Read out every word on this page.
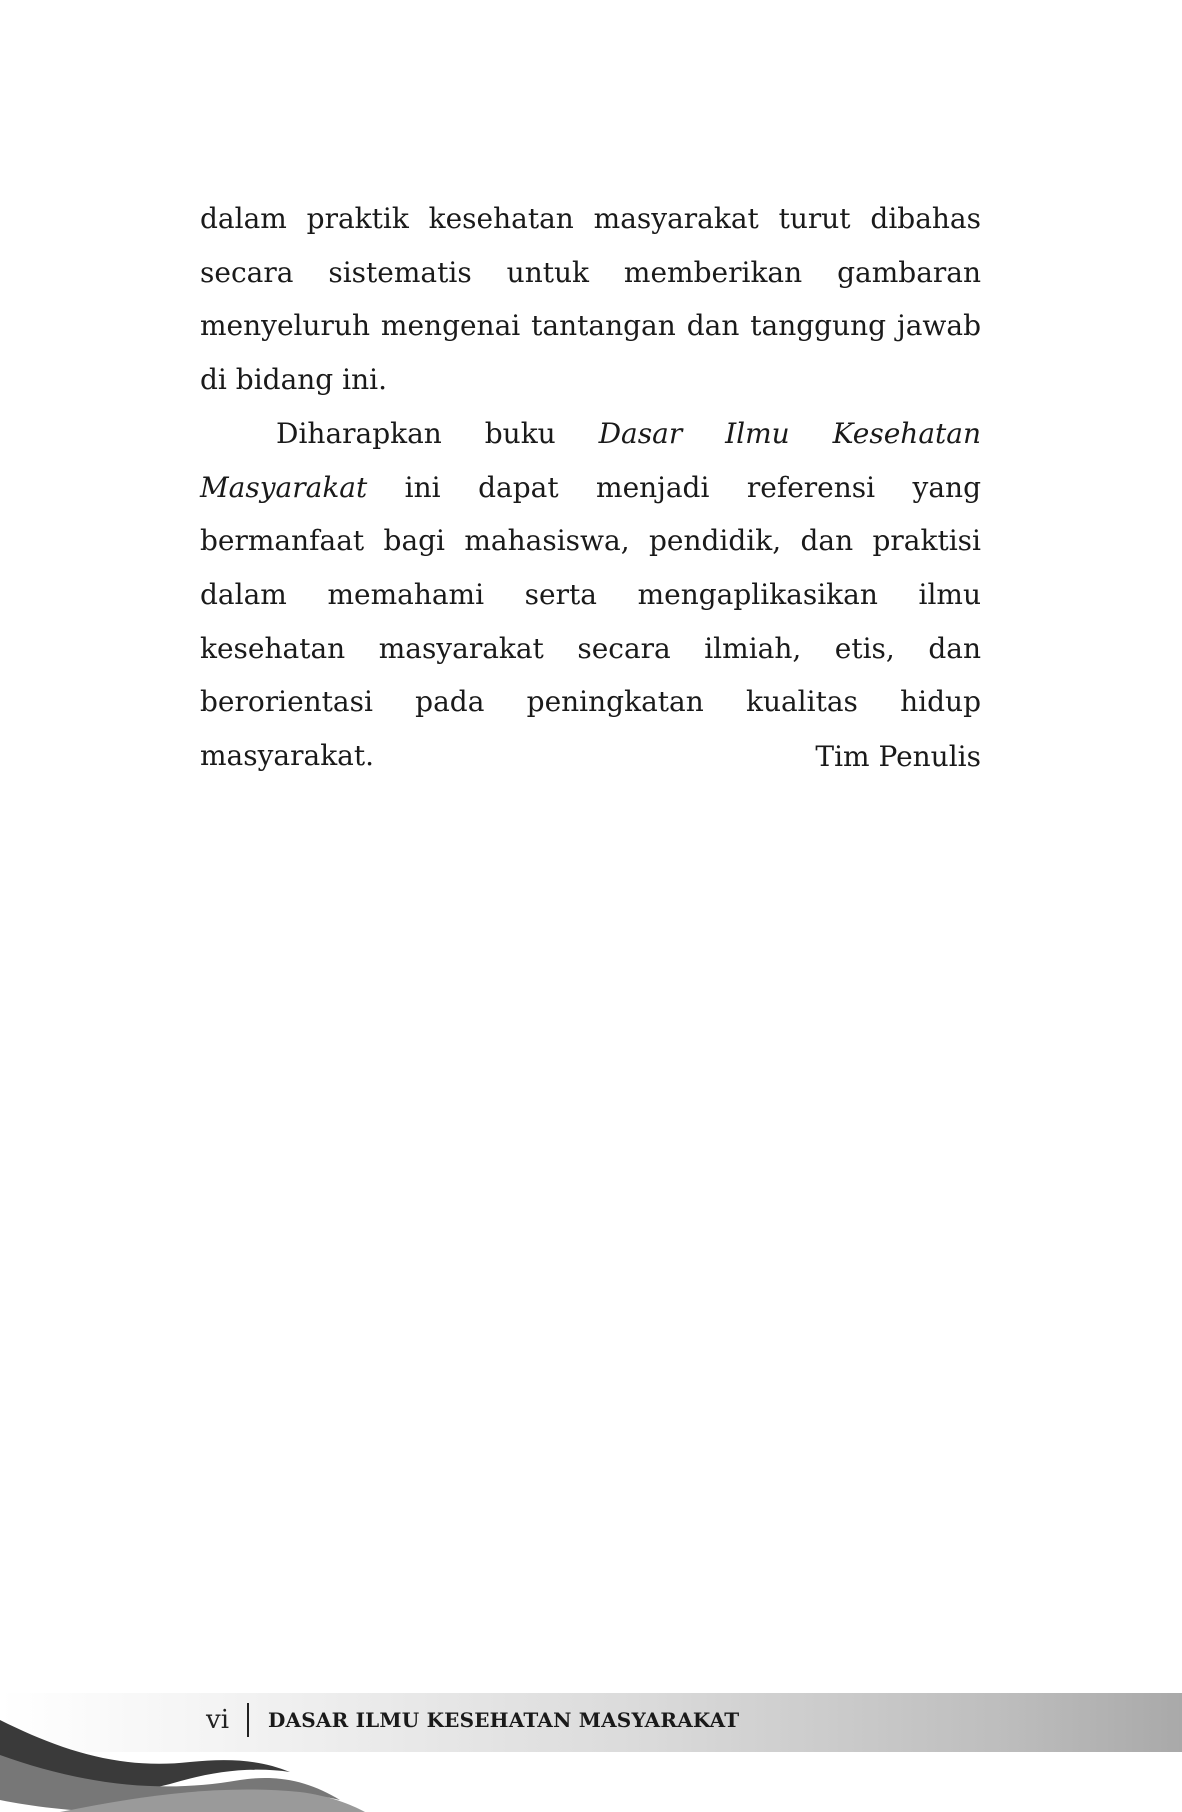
dalam praktik kesehatan masyarakat turut dibahas secara sistematis untuk memberikan gambaran menyeluruh mengenai tantangan dan tanggung jawab di bidang ini.

Diharapkan buku Dasar Ilmu Kesehatan Masyarakat ini dapat menjadi referensi yang bermanfaat bagi mahasiswa, pendidik, dan praktisi dalam memahami serta mengaplikasikan ilmu kesehatan masyarakat secara ilmiah, etis, dan berorientasi pada peningkatan kualitas hidup masyarakat.	Tim Penulis
vi DASAR ILMU KESEHATAN MASYARAKAT
